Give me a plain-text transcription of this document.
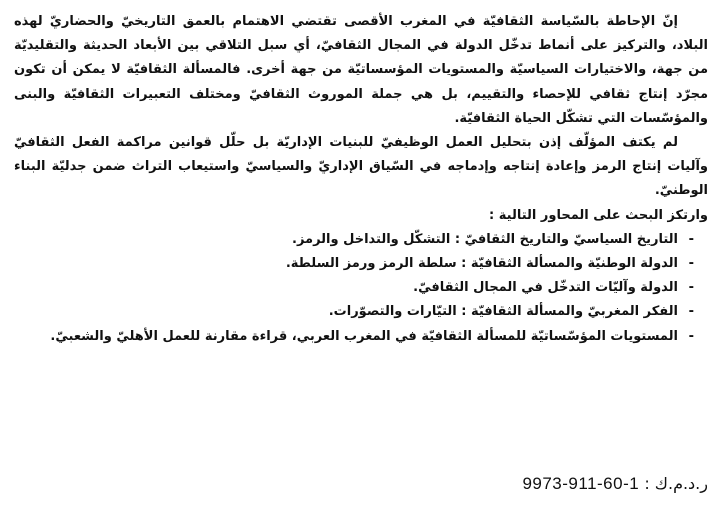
إنّ الإحاطة بالسّياسة الثقافيّة في المغرب الأقصى تقتضي الاهتمام بالعمق التاريخيّ والحضاريّ لهذه البلاد، والتركيز على أنماط تدخّل الدولة في المجال الثقافيّ، أي سبل التلاقي بين الأبعاد الحديثة والتقليديّة من جهة، والاختيارات السياسيّة والمستويات المؤسساتيّة من جهة أخرى. فالمسألة الثقافيّة لا يمكن أن تكون مجرّد إنتاج ثقافي للإحصاء والتقييم، بل هي جملة الموروث الثقافيّ ومختلف التعبيرات الثقافيّة والبنى والمؤسّسات التي تشكّل الحياة الثقافيّة.

لم يكتف المؤلّف إذن بتحليل العمل الوظيفيّ للبنيات الإداريّة بل حلّل قوانين مراكمة الفعل الثقافيّ وآليات إنتاج الرمز وإعادة إنتاجه وإدماجه في السّياق الإداريّ والسياسيّ واستيعاب التراث ضمن جدليّة البناء الوطنيّ.

وارتكز البحث على المحاور التالية :

-
التاريخ السياسيّ والتاريخ الثقافيّ : التشكّل والتداخل والرمز.
-
الدولة الوطنيّة والمسألة الثقافيّة : سلطة الرمز ورمز السلطة.
-
الدولة وآليّات التدخّل في المجال الثقافيّ.
-
الفكر المغربيّ والمسألة الثقافيّة : التيّارات والتصوّرات.
-
المستويات المؤسّساتيّة للمسألة الثقافيّة في المغرب العربي، قراءة مقارنة للعمل الأهليّ والشعبيّ.
ر.د.م.ك : 9973-911-60-1
